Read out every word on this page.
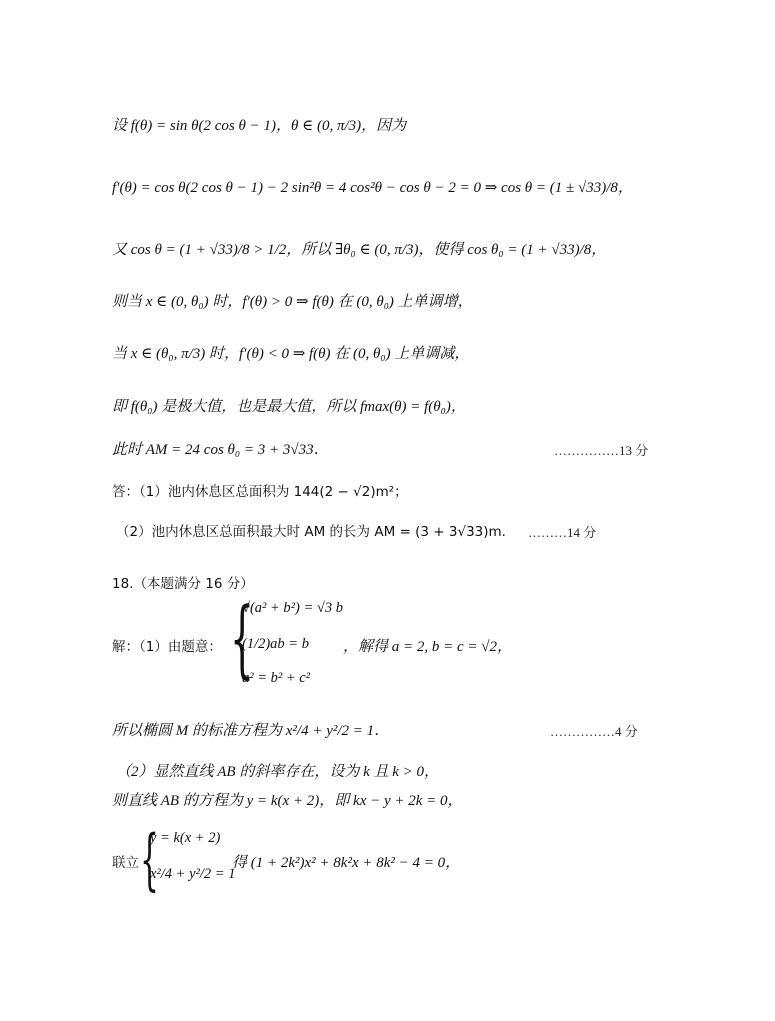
设 f(θ) = sin θ(2 cos θ − 1)，θ ∈ (0, π/3)，因为
f′(θ) = cos θ(2 cos θ − 1) − 2 sin²θ = 4 cos²θ − cos θ − 2 = 0 ⇒ cos θ = (1 ± √33)/8，
又 cos θ = (1 + √33)/8 > 1/2，所以 ∃θ₀ ∈ (0, π/3)，使得 cos θ₀ = (1 + √33)/8，
则当 x ∈ (0, θ₀) 时，f′(θ) > 0 ⇒ f(θ) 在 (0, θ₀) 上单调增，
当 x ∈ (θ₀, π/3) 时，f′(θ) < 0 ⇒ f(θ) 在 (0, θ₀) 上单调减，
即 f(θ₀) 是极大值，也是最大值，所以 fmax(θ) = f(θ₀)，
此时 AM = 24 cos θ₀ = 3 + 3√33．	……………13 分
答：（1）池内休息区总面积为 144(2 − √2)m²；
（2）池内休息区总面积最大时 AM 的长为 AM = (3 + 3√33)m． ………14 分
18.（本题满分 16 分）
解：（1）由题意： {
√(a² + b²) = √3 b
(1/2)ab = b
a² = b² + c²
，解得 a = 2, b = c = √2，
所以椭圆 M 的标准方程为 x²/4 + y²/2 = 1．	……………4 分
（2）显然直线 AB 的斜率存在，设为 k 且 k > 0，
则直线 AB 的方程为 y = k(x + 2)，即 kx − y + 2k = 0，
联立 {
y = k(x + 2)
x²/4 + y²/2 = 1
得 (1 + 2k²)x² + 8k²x + 8k² − 4 = 0，
